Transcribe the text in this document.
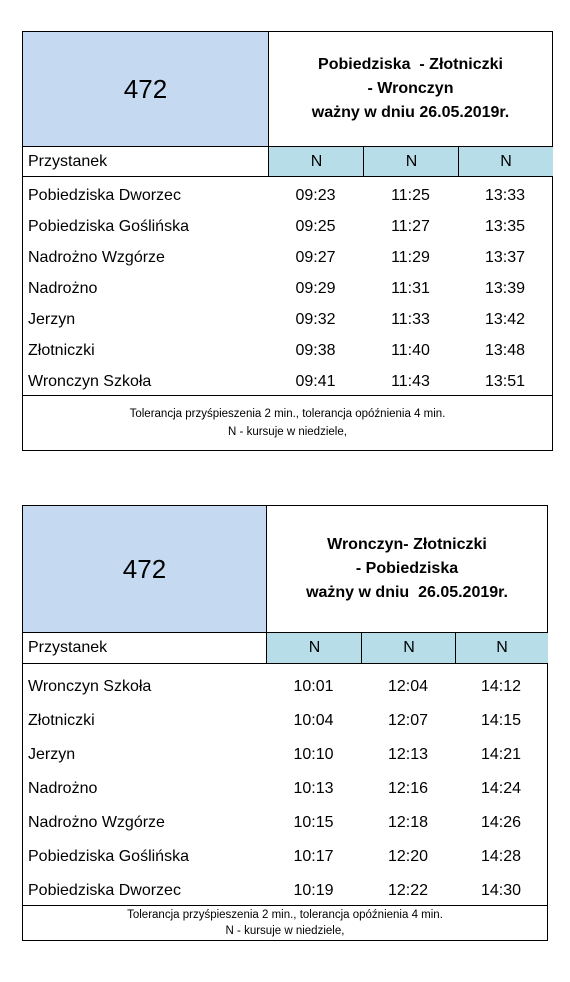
472
Pobiedziska  - Złotniczki
- Wronczyn
ważny w dniu 26.05.2019r.
Przystanek	N	N	N
Pobiedziska Dworzec	09:23	11:25	13:33
Pobiedziska Goślińska	09:25	11:27	13:35
Nadrożno Wzgórze	09:27	11:29	13:37
Nadrożno	09:29	11:31	13:39
Jerzyn	09:32	11:33	13:42
Złotniczki	09:38	11:40	13:48
Wronczyn Szkoła	09:41	11:43	13:51
Tolerancja przyśpieszenia 2 min., tolerancja opóźnienia 4 min.
N - kursuje w niedziele,
472
Wronczyn- Złotniczki
- Pobiedziska
ważny w dniu  26.05.2019r.
Przystanek	N	N	N
Wronczyn Szkoła	10:01	12:04	14:12
Złotniczki	10:04	12:07	14:15
Jerzyn	10:10	12:13	14:21
Nadrożno	10:13	12:16	14:24
Nadrożno Wzgórze	10:15	12:18	14:26
Pobiedziska Goślińska	10:17	12:20	14:28
Pobiedziska Dworzec	10:19	12:22	14:30
Tolerancja przyśpieszenia 2 min., tolerancja opóźnienia 4 min.
N - kursuje w niedziele,
